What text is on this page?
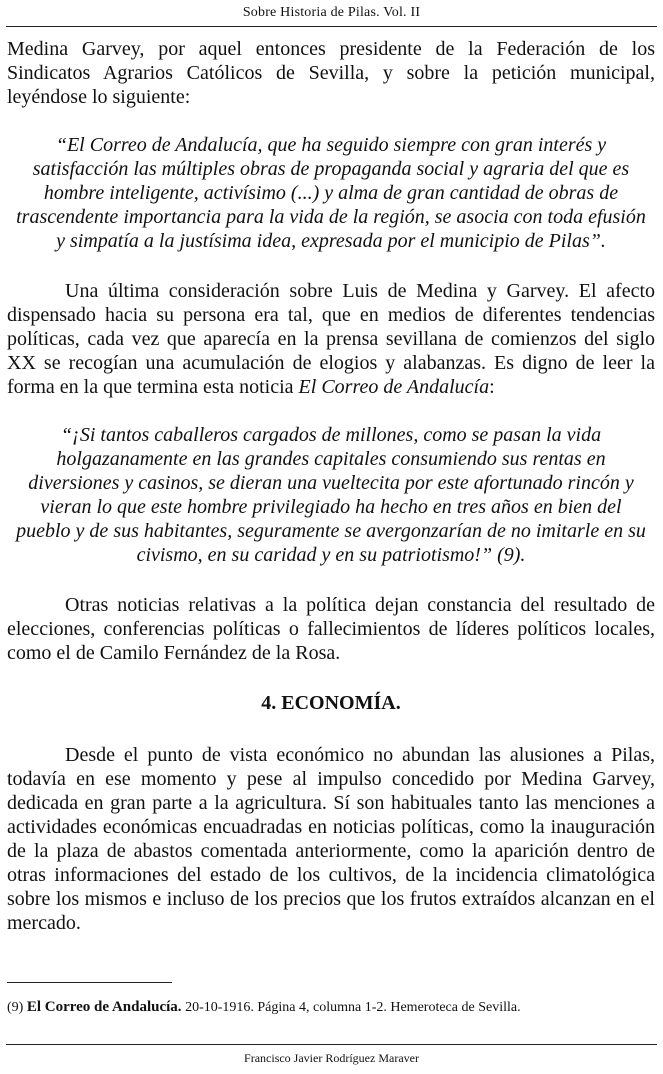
Sobre Historia de Pilas. Vol. II

Medina Garvey, por aquel entonces presidente de la Federación de los Sindicatos Agrarios Católicos de Sevilla, y sobre la petición municipal, leyéndose lo siguiente:

“El Correo de Andalucía, que ha seguido siempre con gran interés y satisfacción las múltiples obras de propaganda social y agraria del que es hombre inteligente, activísimo (...) y alma de gran cantidad de obras de trascendente importancia para la vida de la región, se asocia con toda efusión y simpatía a la justísima idea, expresada por el municipio de Pilas”.

Una última consideración sobre Luis de Medina y Garvey. El afecto dispensado hacia su persona era tal, que en medios de diferentes tendencias políticas, cada vez que aparecía en la prensa sevillana de comienzos del siglo XX se recogían una acumulación de elogios y alabanzas. Es digno de leer la forma en la que termina esta noticia El Correo de Andalucía:

“¡Si tantos caballeros cargados de millones, como se pasan la vida holgazanamente en las grandes capitales consumiendo sus rentas en diversiones y casinos, se dieran una vueltecita por este afortunado rincón y vieran lo que este hombre privilegiado ha hecho en tres años en bien del pueblo y de sus habitantes, seguramente se avergonzarían de no imitarle en su civismo, en su caridad y en su patriotismo!” (9).

Otras noticias relativas a la política dejan constancia del resultado de elecciones, conferencias políticas o fallecimientos de líderes políticos locales, como el de Camilo Fernández de la Rosa.

4. ECONOMÍA.

Desde el punto de vista económico no abundan las alusiones a Pilas, todavía en ese momento y pese al impulso concedido por Medina Garvey, dedicada en gran parte a la agricultura. Sí son habituales tanto las menciones a actividades económicas encuadradas en noticias políticas, como la inauguración de la plaza de abastos comentada anteriormente, como la aparición dentro de otras informaciones del estado de los cultivos, de la incidencia climatológica sobre los mismos e incluso de los precios que los frutos extraídos alcanzan en el mercado.

(9) El Correo de Andalucía. 20-10-1916. Página 4, columna 1-2. Hemeroteca de Sevilla.
Francisco Javier Rodríguez Maraver
